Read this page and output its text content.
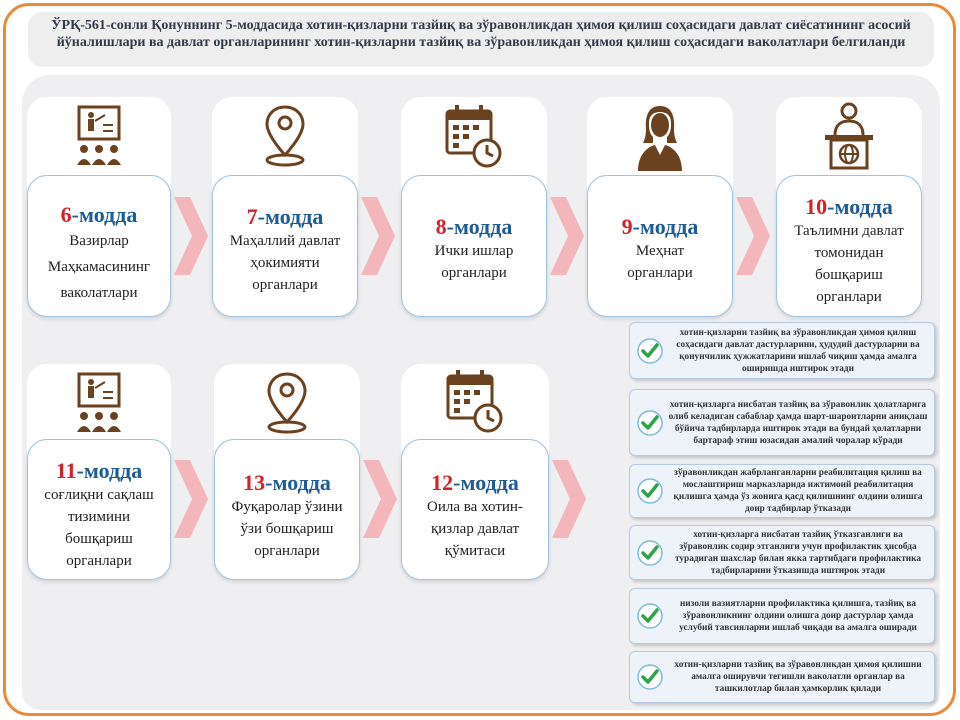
ЎРҚ-561-сонли Қонуннинг 5-моддасида хотин-қизларни тазйиқ ва зўравонликдан ҳимоя қилиш соҳасидаги давлат сиёсатининг асосий йўналишлари ва давлат органларининг хотин-қизларни тазйиқ ва зўравонликдан ҳимоя қилиш соҳасидаги ваколатлари белгиланди
6-модда
Вазирлар Маҳкамасининг ваколатлари
7-модда
Маҳаллий давлат ҳокимияти органлари
8-модда
Ички ишлар органлари
9-модда
Меҳнат органлари
10-модда
Таълимни давлат томонидан бошқариш органлари
11-модда
соғлиқни сақлаш тизимини бошқариш органлари
13-модда
Фуқаролар ўзини ўзи бошқариш органлари
12-модда
Оила ва хотин-қизлар давлат қўмитаси
хотин-қизларни тазйиқ ва зўравонликдан ҳимоя қилиш соҳасидаги давлат дастурларини, ҳудудий дастурларни ва қонунчилик ҳужжатларини ишлаб чиқиш ҳамда амалга оширишда иштирок этади
хотин-қизларга нисбатан тазйиқ ва зўравонлик ҳолатларига олиб келадиган сабаблар ҳамда шарт-шароитларни аниқлаш бўйича тадбирларда иштирок этади ва бундай ҳолатларни бартараф этиш юзасидан амалий чоралар кўради
зўравонликдан жабрланганларни реабилитация қилиш ва мослаштириш марказларида ижтимоий реабилитация қилишга ҳамда ўз жонига қасд қилишнинг олдини олишга доир тадбирлар ўтказади
хотин-қизларга нисбатан тазйиқ ўтказганлиги ва зўравонлик содир этганлиги учун профилактик ҳисобда турадиган шахслар билан яккa тартибдаги профилактика тадбирларини ўтказишда иштирок этади
низоли вазиятларни профилактика қилишга, тазйиқ ва зўравонликнинг олдини олишга доир дастурлар ҳамда услубий тавсияларни ишлаб чиқади ва амалга оширади
хотин-қизларни тазйиқ ва зўравонликдан ҳимоя қилишни амалга оширувчи тегишли ваколатли органлар ва ташкилотлар билан ҳамкорлик қилади
